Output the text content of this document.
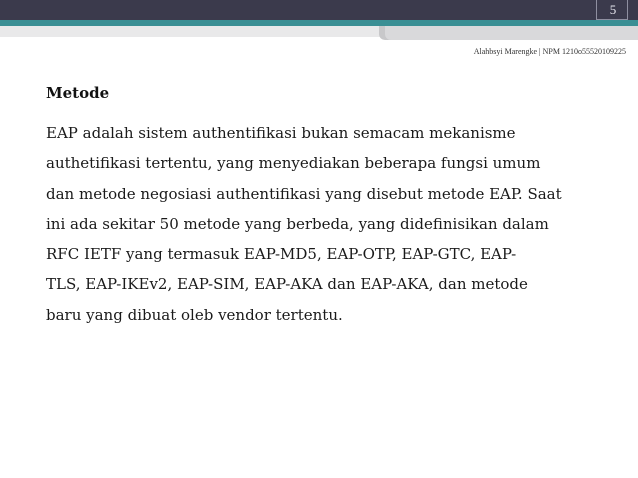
5
Alahbsyi Marengke | NPM 1210o55520109225
Metode

EAP adalah sistem authentifikasi bukan semacam mekanisme
authetifikasi tertentu, yang menyediakan beberapa fungsi umum
dan metode negosiasi authentifikasi yang disebut metode EAP. Saat
ini ada sekitar 50 metode yang berbeda, yang didefinisikan dalam
RFC IETF yang termasuk EAP-MD5, EAP-OTP, EAP-GTC, EAP-
TLS, EAP-IKEv2, EAP-SIM, EAP-AKA dan EAP-AKA, dan metode
baru yang dibuat oleb vendor tertentu.
